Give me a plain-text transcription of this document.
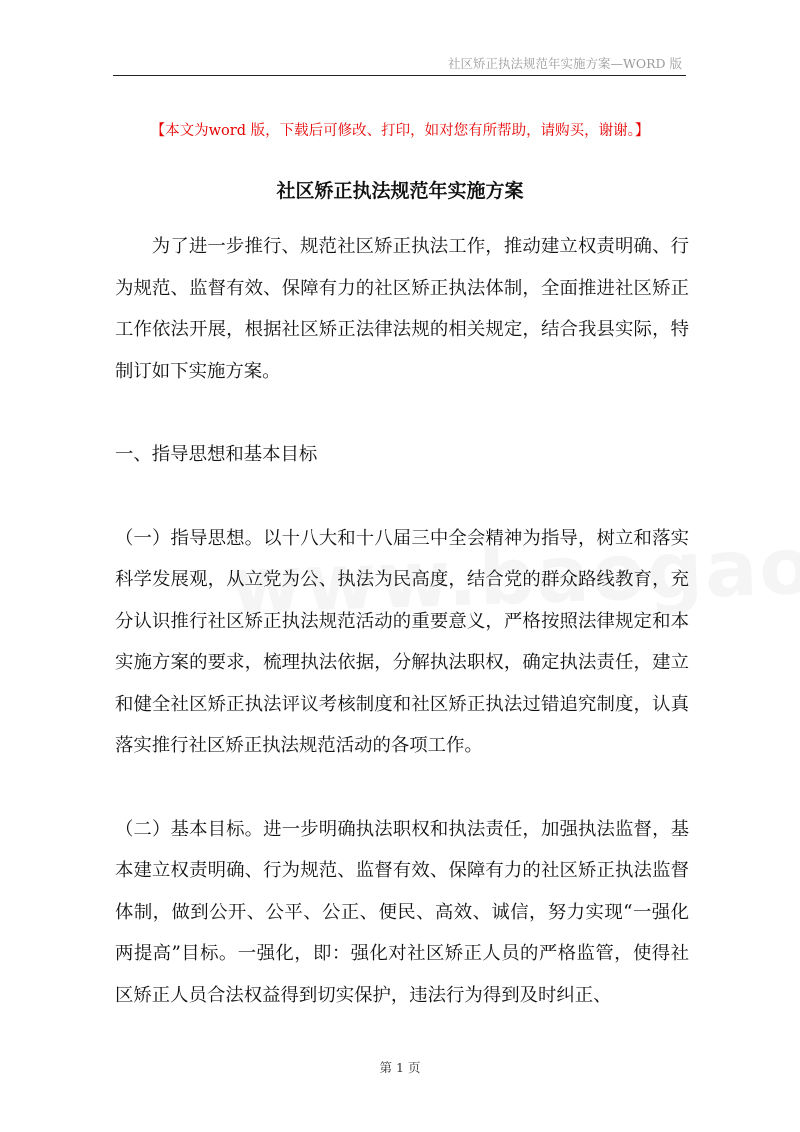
社区矫正执法规范年实施方案—WORD 版
【本文为word 版，下载后可修改、打印，如对您有所帮助，请购买，谢谢。】
社区矫正执法规范年实施方案

为了进一步推行、规范社区矫正执法工作，推动建立权责明确、行为规范、监督有效、保障有力的社区矫正执法体制，全面推进社区矫正工作依法开展，根据社区矫正法律法规的相关规定，结合我县实际，特制订如下实施方案。

一、指导思想和基本目标

（一）指导思想。以十八大和十八届三中全会精神为指导，树立和落实科学发展观，从立党为公、执法为民高度，结合党的群众路线教育，充分认识推行社区矫正执法规范活动的重要意义，严格按照法律规定和本实施方案的要求，梳理执法依据，分解执法职权，确定执法责任，建立和健全社区矫正执法评议考核制度和社区矫正执法过错追究制度，认真落实推行社区矫正执法规范活动的各项工作。

（二）基本目标。进一步明确执法职权和执法责任，加强执法监督，基本建立权责明确、行为规范、监督有效、保障有力的社区矫正执法监督体制，做到公开、公平、公正、便民、高效、诚信，努力实现“一强化两提高”目标。一强化，即：强化对社区矫正人员的严格监管，使得社区矫正人员合法权益得到切实保护，违法行为得到及时纠正、

第 1 页
